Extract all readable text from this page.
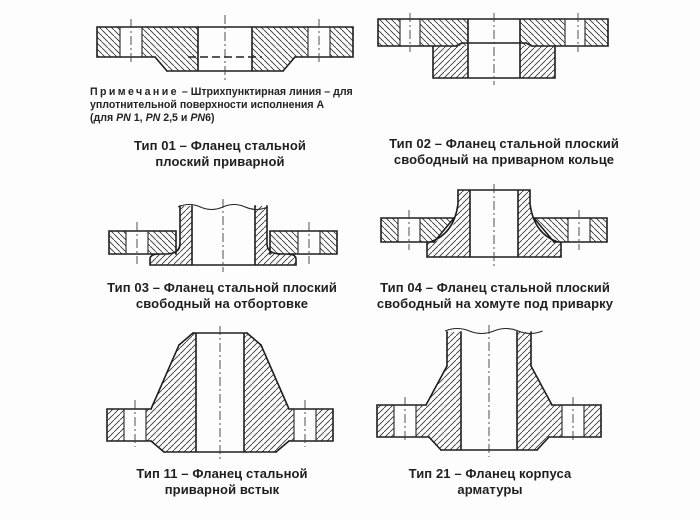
Примечание – Штрихпунктирная линия – для
уплотнительной поверхности исполнения А
(для PN 1, PN 2,5 и PN6)
Тип 01 – Фланец стальной
плоский приварной
Тип 02 – Фланец стальной плоский
свободный на приварном кольце
Тип 03 – Фланец стальной плоский
свободный на отбортовке
Тип 04 – Фланец стальной плоский
свободный на хомуте под приварку
Тип 11 – Фланец стальной
приварной встык
Тип 21 – Фланец корпуса
арматуры
